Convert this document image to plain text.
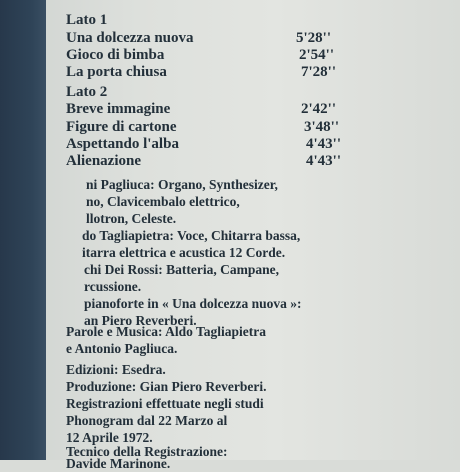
Lato 1
Una dolcezza nuova	5'28''
Gioco di bimba	2'54''
La porta chiusa	7'28''
Lato 2
Breve immagine	2'42''
Figure di cartone	3'48''
Aspettando l'alba	4'43''
Alienazione	4'43''
ni Pagliuca: Organo, Synthesizer,
no, Clavicembalo elettrico,
llotron, Celeste.
do Tagliapietra: Voce, Chitarra bassa,
itarra elettrica e acustica 12 Corde.
chi Dei Rossi: Batteria, Campane,
rcussione.
pianoforte in « Una dolcezza nuova »:
an Piero Reverberi.
Parole e Musica: Aldo Tagliapietra
e Antonio Pagliuca.
Edizioni: Esedra.
Produzione: Gian Piero Reverberi.
Registrazioni effettuate negli studi
Phonogram dal 22 Marzo al
12 Aprile 1972.
Tecnico della Registrazione:
Davide Marinone.
